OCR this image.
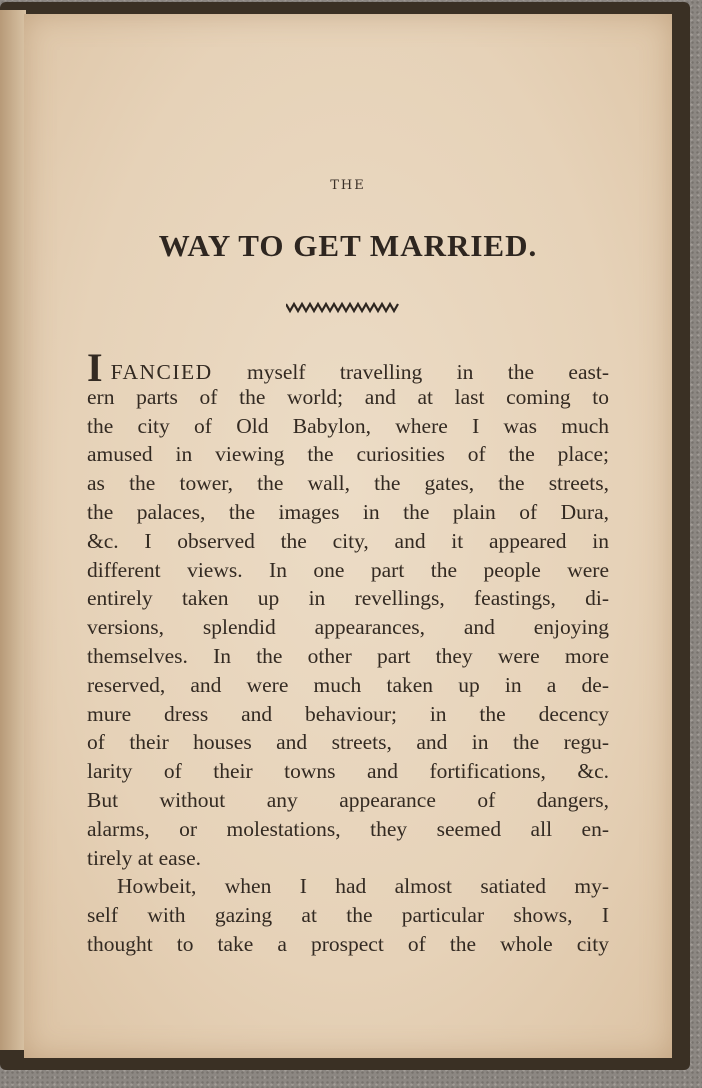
THE
WAY TO GET MARRIED.
IFANCIED myself travelling in the east-
ern parts of the world; and at last coming to
the city of Old Babylon, where I was much
amused in viewing the curiosities of the place;
as the tower, the wall, the gates, the streets,
the palaces, the images in the plain of Dura,
&c. I observed the city, and it appeared in
different views. In one part the people were
entirely taken up in revellings, feastings, di-
versions, splendid appearances, and enjoying
themselves. In the other part they were more
reserved, and were much taken up in a de-
mure dress and behaviour; in the decency
of their houses and streets, and in the regu-
larity of their towns and fortifications, &c.
But without any appearance of dangers,
alarms, or molestations, they seemed all en-
tirely at ease.
Howbeit, when I had almost satiated my-
self with gazing at the particular shows, I
thought to take a prospect of the whole city
